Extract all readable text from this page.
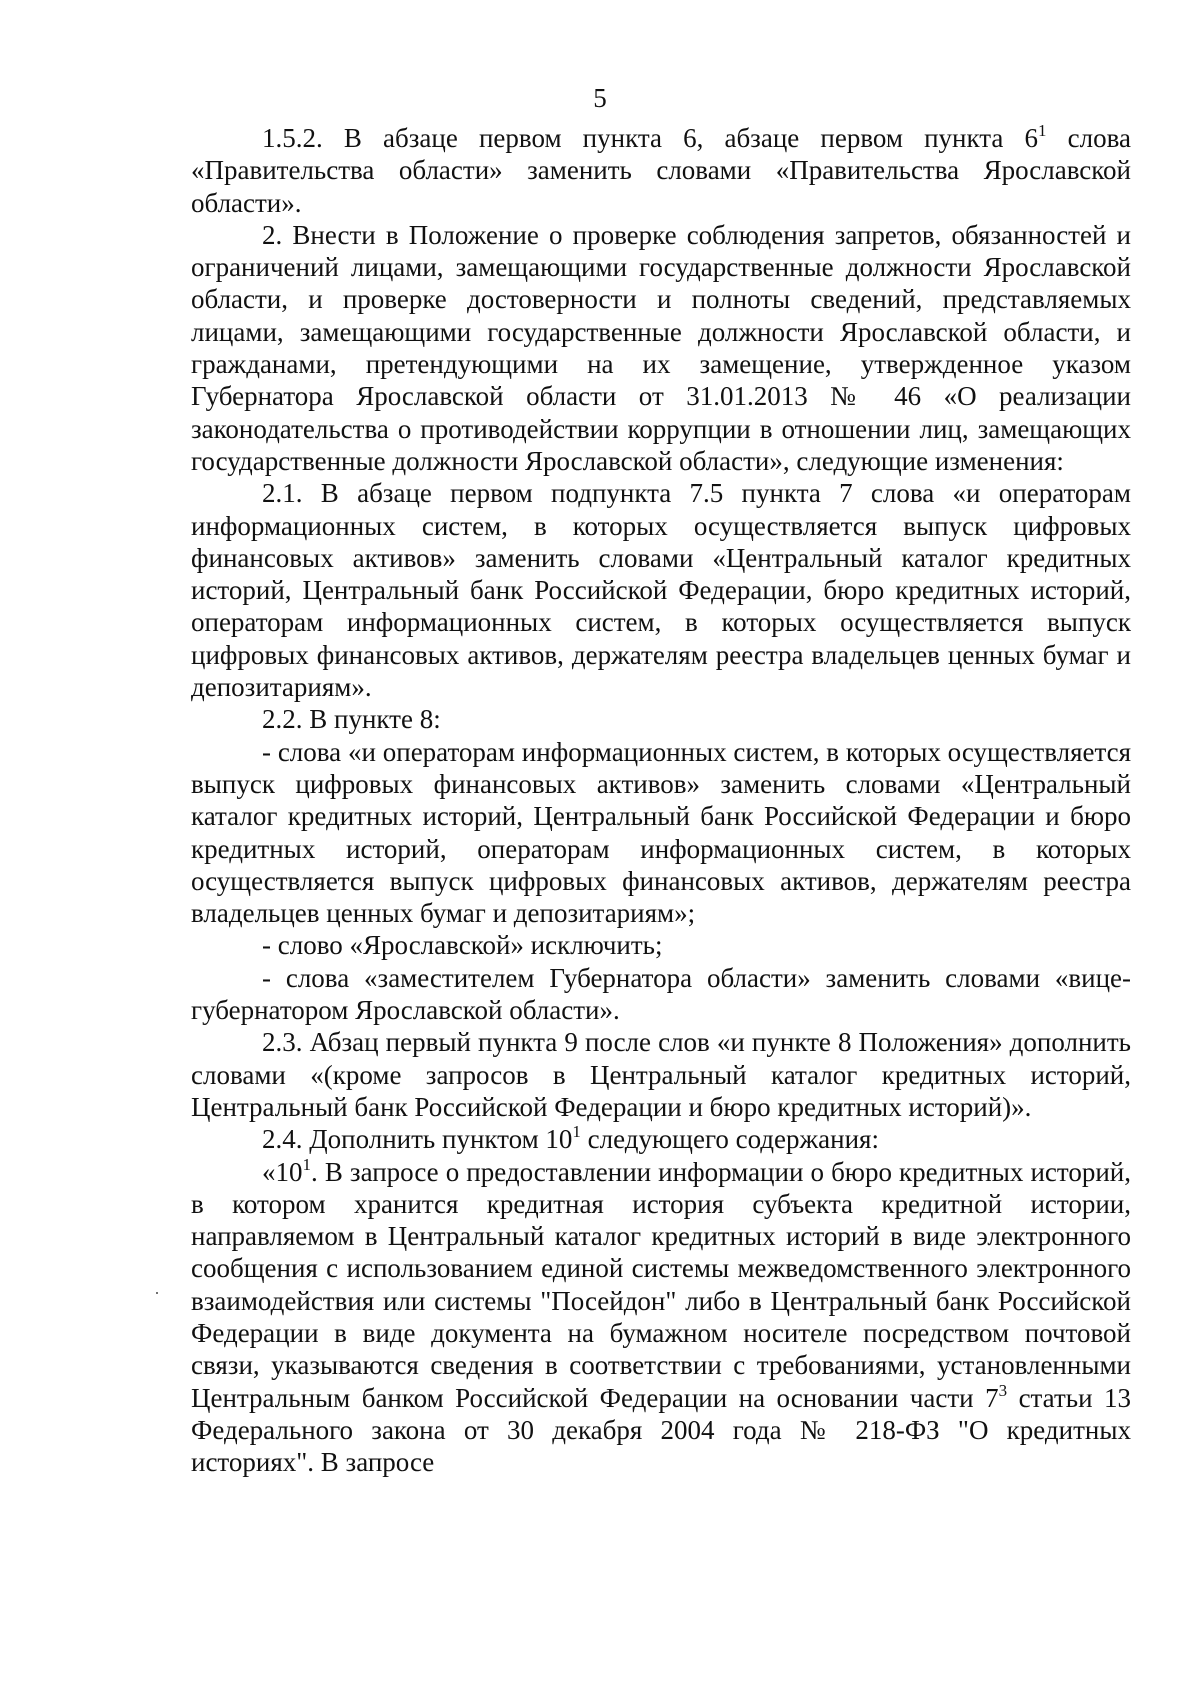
5

1.5.2. В абзаце первом пункта 6, абзаце первом пункта $6^1$ слова «Правительства области» заменить словами «Правительства Ярославской области».

2. Внести в Положение о проверке соблюдения запретов, обязанностей и ограничений лицами, замещающими государственные должности Ярославской области, и проверке достоверности и полноты сведений, представляемых лицами, замещающими государственные должности Ярославской области, и гражданами, претендующими на их замещение, утвержденное указом Губернатора Ярославской области от 31.01.2013 № 46 «О реализации законодательства о противодействии коррупции в отношении лиц, замещающих государственные должности Ярославской области», следующие изменения:

2.1. В абзаце первом подпункта 7.5 пункта 7 слова «и операторам информационных систем, в которых осуществляется выпуск цифровых финансовых активов» заменить словами «Центральный каталог кредитных историй, Центральный банк Российской Федерации, бюро кредитных историй, операторам информационных систем, в которых осуществляется выпуск цифровых финансовых активов, держателям реестра владельцев ценных бумаг и депозитариям».

2.2. В пункте 8:

- слова «и операторам информационных систем, в которых осуществляется выпуск цифровых финансовых активов» заменить словами «Центральный каталог кредитных историй, Центральный банк Российской Федерации и бюро кредитных историй, операторам информационных систем, в которых осуществляется выпуск цифровых финансовых активов, держателям реестра владельцев ценных бумаг и депозитариям»;

- слово «Ярославской» исключить;

- слова «заместителем Губернатора области» заменить словами «вице-губернатором Ярославской области».

2.3. Абзац первый пункта 9 после слов «и пункте 8 Положения» дополнить словами «(кроме запросов в Центральный каталог кредитных историй, Центральный банк Российской Федерации и бюро кредитных историй)».

2.4. Дополнить пунктом $10^1$ следующего содержания:

«$10^1$. В запросе о предоставлении информации о бюро кредитных историй, в котором хранится кредитная история субъекта кредитной истории, направляемом в Центральный каталог кредитных историй в виде электронного сообщения с использованием единой системы межведомственного электронного взаимодействия или системы "Посейдон" либо в Центральный банк Российской Федерации в виде документа на бумажном носителе посредством почтовой связи, указываются сведения в соответствии с требованиями, установленными Центральным банком Российской Федерации на основании части $7^3$ статьи 13 Федерального закона от 30 декабря 2004 года № 218-ФЗ "О кредитных историях". В запросе
